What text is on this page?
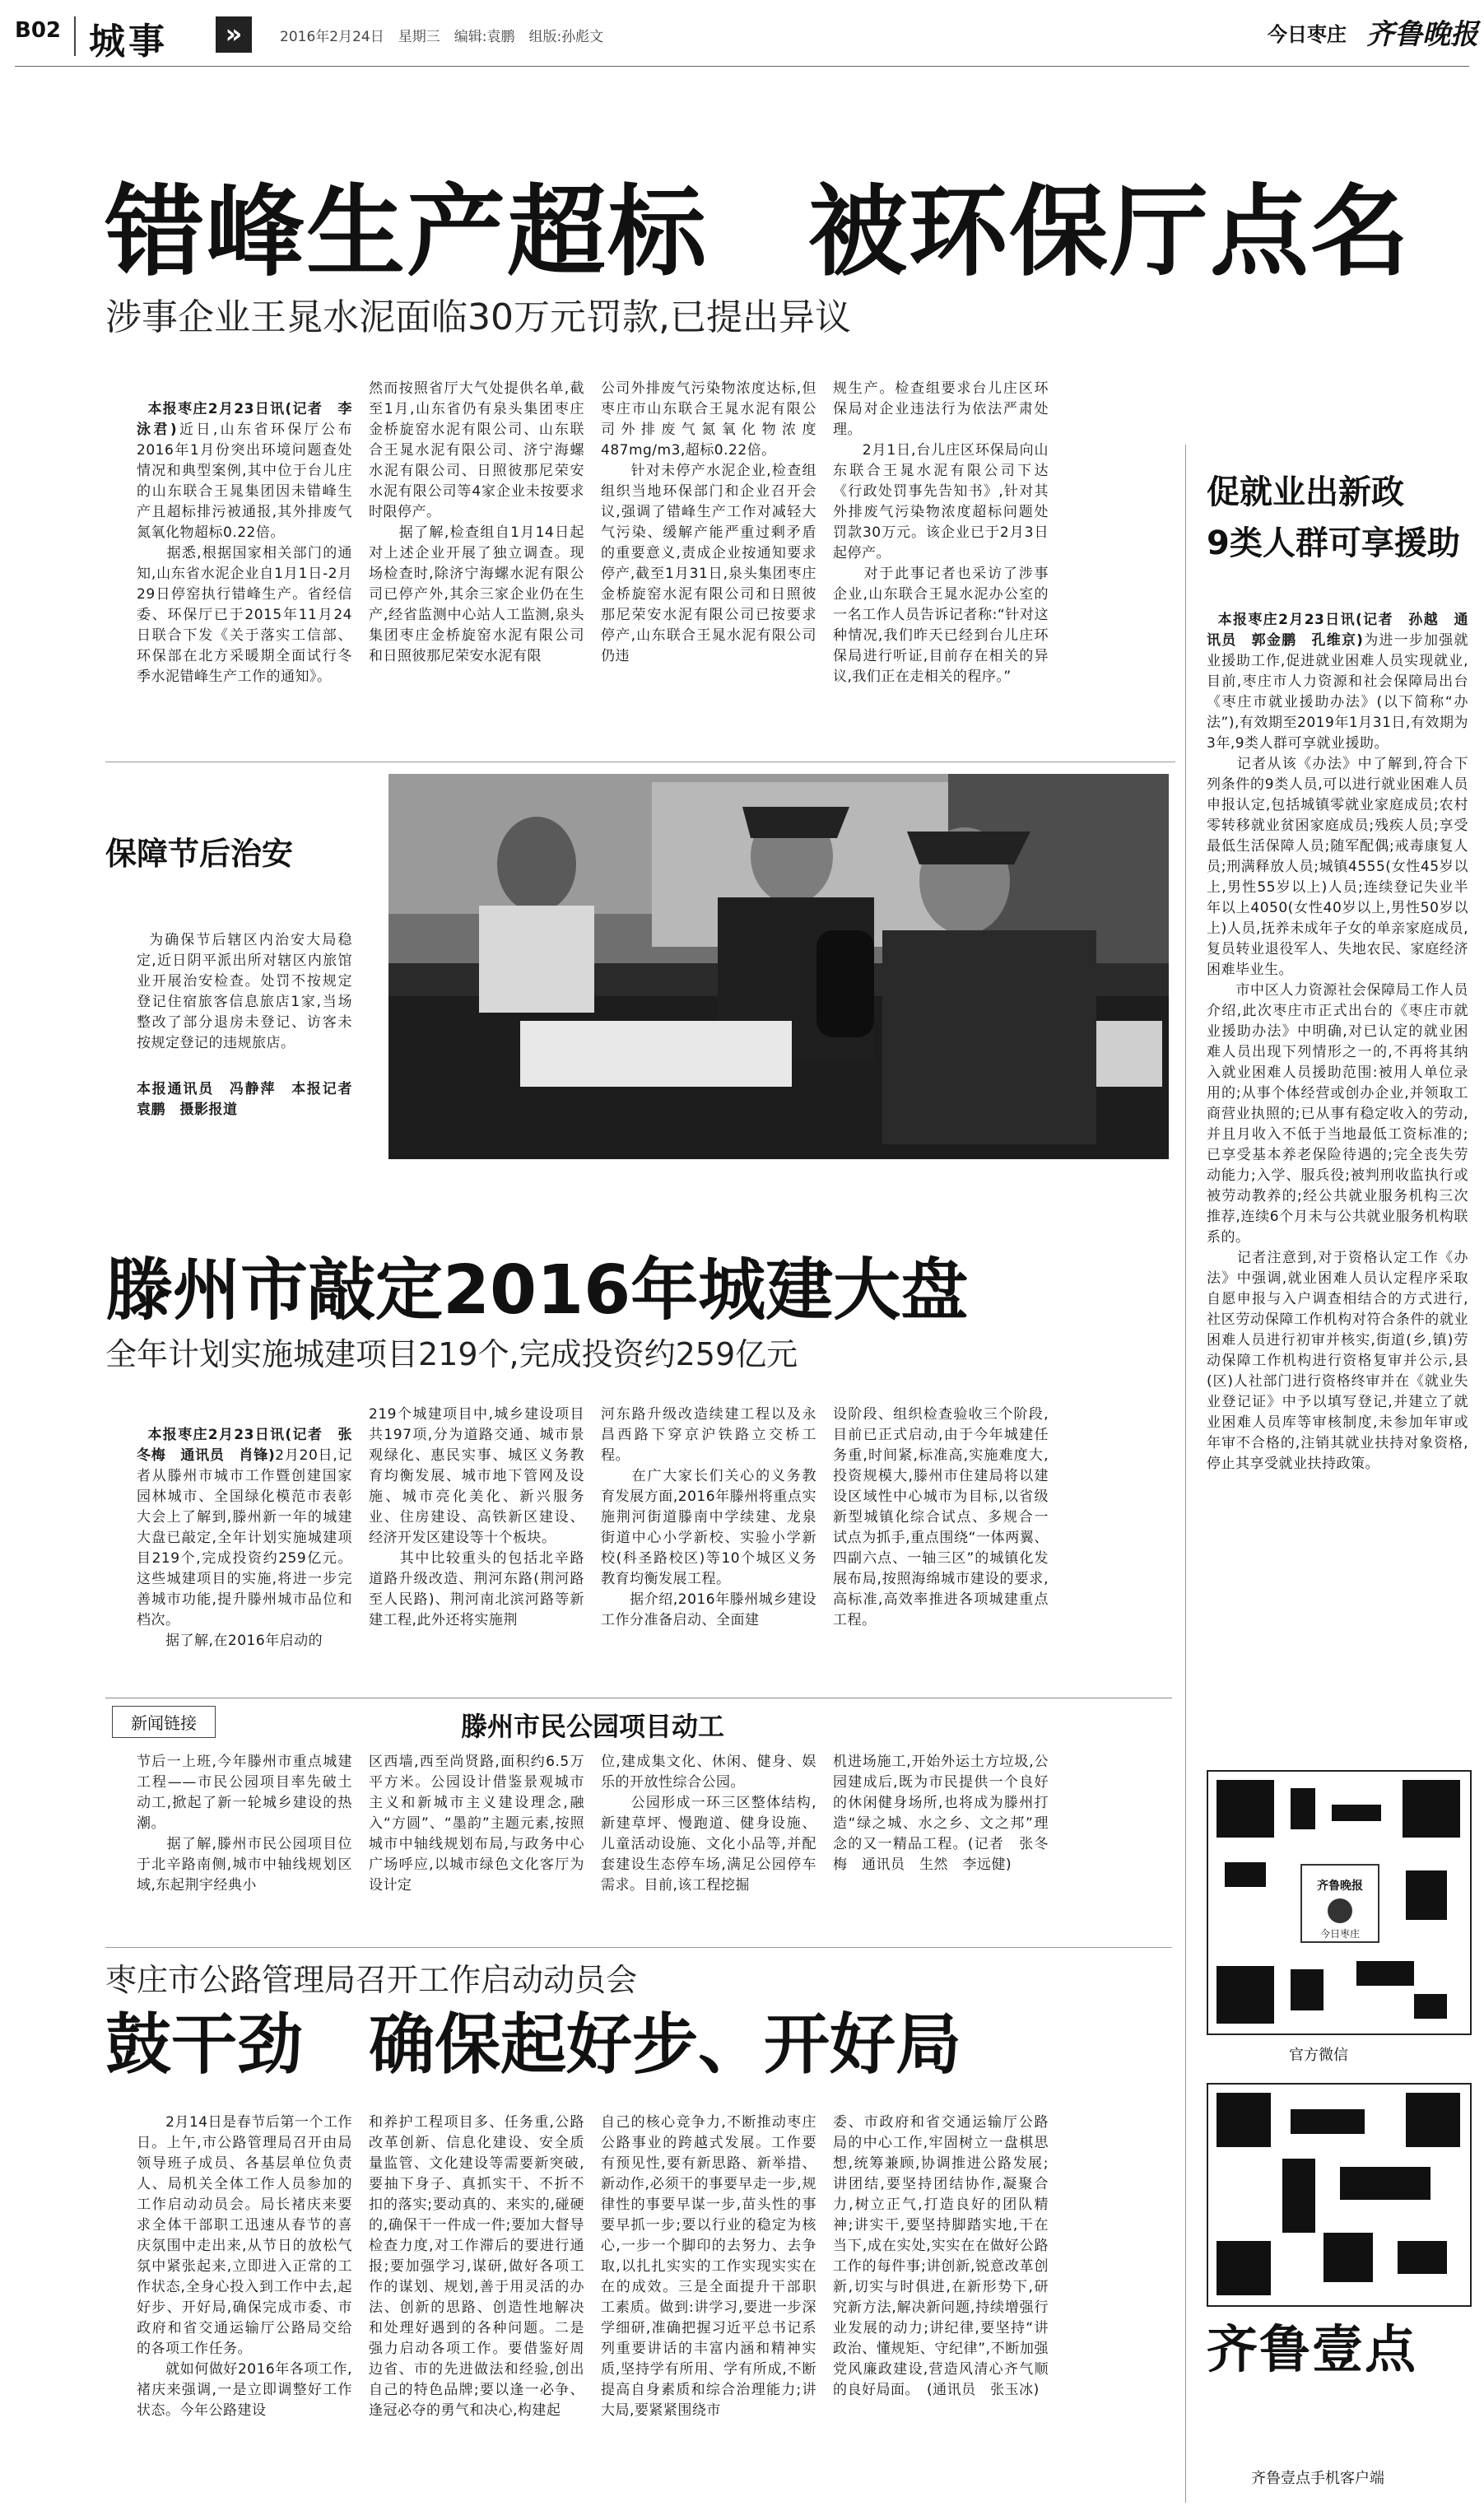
B02 城事	»	2016年2月24日　星期三　编辑:袁鹏　组版:孙彪文	今日枣庄 齐鲁晚报
错峰生产超标　被环保厅点名
涉事企业王晁水泥面临30万元罚款,已提出异议

本报枣庄2月23日讯(记者　李泳君)近日,山东省环保厅公布2016年1月份突出环境问题查处情况和典型案例,其中位于台儿庄的山东联合王晁集团因未错峰生产且超标排污被通报,其外排废气氮氧化物超标0.22倍。
　　据悉,根据国家相关部门的通知,山东省水泥企业自1月1日-2月29日停窑执行错峰生产。省经信委、环保厅已于2015年11月24日联合下发《关于落实工信部、环保部在北方采暖期全面试行冬季水泥错峰生产工作的通知》。

然而按照省厅大气处提供名单,截至1月,山东省仍有泉头集团枣庄金桥旋窑水泥有限公司、山东联合王晁水泥有限公司、济宁海螺水泥有限公司、日照彼那尼荣安水泥有限公司等4家企业未按要求时限停产。
　　据了解,检查组自1月14日起对上述企业开展了独立调查。现场检查时,除济宁海螺水泥有限公司已停产外,其余三家企业仍在生产,经省监测中心站人工监测,泉头集团枣庄金桥旋窑水泥有限公司和日照彼那尼荣安水泥有限
公司外排废气污染物浓度达标,但枣庄市山东联合王晁水泥有限公司外排废气氮氧化物浓度487mg/m3,超标0.22倍。
　　针对未停产水泥企业,检查组组织当地环保部门和企业召开会议,强调了错峰生产工作对减轻大气污染、缓解产能严重过剩矛盾的重要意义,责成企业按通知要求停产,截至1月31日,泉头集团枣庄金桥旋窑水泥有限公司和日照彼那尼荣安水泥有限公司已按要求停产,山东联合王晁水泥有限公司仍违
规生产。检查组要求台儿庄区环保局对企业违法行为依法严肃处理。
　　2月1日,台儿庄区环保局向山东联合王晁水泥有限公司下达《行政处罚事先告知书》,针对其外排废气污染物浓度超标问题处罚款30万元。该企业已于2月3日起停产。
　　对于此事记者也采访了涉事企业,山东联合王晁水泥办公室的一名工作人员告诉记者称:“针对这种情况,我们昨天已经到台儿庄环保局进行听证,目前存在相关的异议,我们正在走相关的程序。”
促就业出新政
9类人群可享援助

本报枣庄2月23日讯(记者　孙越　通讯员　郭金鹏　孔维京)为进一步加强就业援助工作,促进就业困难人员实现就业,目前,枣庄市人力资源和社会保障局出台《枣庄市就业援助办法》(以下简称“办法”),有效期至2019年1月31日,有效期为3年,9类人群可享就业援助。
　　记者从该《办法》中了解到,符合下列条件的9类人员,可以进行就业困难人员申报认定,包括城镇零就业家庭成员;农村零转移就业贫困家庭成员;残疾人员;享受最低生活保障人员;随军配偶;戒毒康复人员;刑满释放人员;城镇4555(女性45岁以上,男性55岁以上)人员;连续登记失业半年以上4050(女性40岁以上,男性50岁以上)人员,抚养未成年子女的单亲家庭成员,复员转业退役军人、失地农民、家庭经济困难毕业生。
　　市中区人力资源社会保障局工作人员介绍,此次枣庄市正式出台的《枣庄市就业援助办法》中明确,对已认定的就业困难人员出现下列情形之一的,不再将其纳入就业困难人员援助范围:被用人单位录用的;从事个体经营或创办企业,并领取工商营业执照的;已从事有稳定收入的劳动,并且月收入不低于当地最低工资标准的;已享受基本养老保险待遇的;完全丧失劳动能力;入学、服兵役;被判刑收监执行或被劳动教养的;经公共就业服务机构三次推荐,连续6个月未与公共就业服务机构联系的。
　　记者注意到,对于资格认定工作《办法》中强调,就业困难人员认定程序采取自愿申报与入户调查相结合的方式进行,社区劳动保障工作机构对符合条件的就业困难人员进行初审并核实,街道(乡,镇)劳动保障工作机构进行资格复审并公示,县(区)人社部门进行资格终审并在《就业失业登记证》中予以填写登记,并建立了就业困难人员库等审核制度,未参加年审或年审不合格的,注销其就业扶持对象资格,停止其享受就业扶持政策。

保障节后治安

为确保节后辖区内治安大局稳定,近日阴平派出所对辖区内旅馆业开展治安检查。处罚不按规定登记住宿旅客信息旅店1家,当场整改了部分退房未登记、访客未按规定登记的违规旅店。

本报通讯员　冯静萍　本报记者　袁鹏　摄影报道

滕州市敲定2016年城建大盘
全年计划实施城建项目219个,完成投资约259亿元

本报枣庄2月23日讯(记者　张冬梅　通讯员　肖锋)2月20日,记者从滕州市城市工作暨创建国家园林城市、全国绿化模范市表彰大会上了解到,滕州新一年的城建大盘已敲定,全年计划实施城建项目219个,完成投资约259亿元。这些城建项目的实施,将进一步完善城市功能,提升滕州城市品位和档次。
　　据了解,在2016年启动的

219个城建项目中,城乡建设项目共197项,分为道路交通、城市景观绿化、惠民实事、城区义务教育均衡发展、城市地下管网及设施、城市亮化美化、新兴服务业、住房建设、高铁新区建设、经济开发区建设等十个板块。
　　其中比较重头的包括北辛路道路升级改造、荆河东路(荆河路至人民路)、荆河南北滨河路等新建工程,此外还将实施荆
河东路升级改造续建工程以及永昌西路下穿京沪铁路立交桥工程。
　　在广大家长们关心的义务教育发展方面,2016年滕州将重点实施荆河街道滕南中学续建、龙泉街道中心小学新校、实验小学新校(科圣路校区)等10个城区义务教育均衡发展工程。
　　据介绍,2016年滕州城乡建设工作分准备启动、全面建
设阶段、组织检查验收三个阶段,目前已正式启动,由于今年城建任务重,时间紧,标准高,实施难度大,投资规模大,滕州市住建局将以建设区域性中心城市为目标,以省级新型城镇化综合试点、多规合一试点为抓手,重点围绕“一体两翼、四副六点、一轴三区”的城镇化发展布局,按照海绵城市建设的要求,高标准,高效率推进各项城建重点工程。
新闻链接	滕州市民公园项目动工
节后一上班,今年滕州市重点城建工程——市民公园项目率先破土动工,掀起了新一轮城乡建设的热潮。
　　据了解,滕州市民公园项目位于北辛路南侧,城市中轴线规划区域,东起荆宇经典小
区西墙,西至尚贤路,面积约6.5万平方米。公园设计借鉴景观城市主义和新城市主义建设理念,融入“方圆”、“墨韵”主题元素,按照城市中轴线规划布局,与政务中心广场呼应,以城市绿色文化客厅为设计定
位,建成集文化、休闲、健身、娱乐的开放性综合公园。
　　公园形成一环三区整体结构,新建草坪、慢跑道、健身设施、儿童活动设施、文化小品等,并配套建设生态停车场,满足公园停车需求。目前,该工程挖掘
机进场施工,开始外运土方垃圾,公园建成后,既为市民提供一个良好的休闲健身场所,也将成为滕州打造“绿之城、水之乡、文之邦”理念的又一精品工程。(记者　张冬梅　通讯员　生然　李远健)
枣庄市公路管理局召开工作启动动员会
鼓干劲　确保起好步、开好局
　　2月14日是春节后第一个工作日。上午,市公路管理局召开由局领导班子成员、各基层单位负责人、局机关全体工作人员参加的工作启动动员会。局长褚庆来要求全体干部职工迅速从春节的喜庆氛围中走出来,从节日的放松气氛中紧张起来,立即进入正常的工作状态,全身心投入到工作中去,起好步、开好局,确保完成市委、市政府和省交通运输厅公路局交给的各项工作任务。
　　就如何做好2016年各项工作,褚庆来强调,一是立即调整好工作状态。今年公路建设
和养护工程项目多、任务重,公路改革创新、信息化建设、安全质量监管、文化建设等需要新突破,要抽下身子、真抓实干、不折不扣的落实;要动真的、来实的,碰硬的,确保干一件成一件;要加大督导检查力度,对工作滞后的要进行通报;要加强学习,谋研,做好各项工作的谋划、规划,善于用灵活的办法、创新的思路、创造性地解决和处理好遇到的各种问题。二是强力启动各项工作。要借鉴好周边省、市的先进做法和经验,创出自己的特色品牌;要以逢一必争、逢冠必夺的勇气和决心,构建起
自己的核心竞争力,不断推动枣庄公路事业的跨越式发展。工作要有预见性,要有新思路、新举措、新动作,必须干的事要早走一步,规律性的事要早谋一步,苗头性的事要早抓一步;要以行业的稳定为核心,一步一个脚印的去努力、去争取,以扎扎实实的工作实现实实在在的成效。三是全面提升干部职工素质。做到:讲学习,要进一步深学细研,准确把握习近平总书记系列重要讲话的丰富内涵和精神实质,坚持学有所用、学有所成,不断提高自身素质和综合治理能力;讲大局,要紧紧围绕市
委、市政府和省交通运输厅公路局的中心工作,牢固树立一盘棋思想,统筹兼顾,协调推进公路发展;讲团结,要坚持团结协作,凝聚合力,树立正气,打造良好的团队精神;讲实干,要坚持脚踏实地,干在当下,成在实处,实实在在做好公路工作的每件事;讲创新,锐意改革创新,切实与时俱进,在新形势下,研究新方法,解决新问题,持续增强行业发展的动力;讲纪律,要坚持“讲政治、懂规矩、守纪律”,不断加强党风廉政建设,营造风清心齐气顺的良好局面。　(通讯员　张玉冰)
齐鲁晚报
今日枣庄
官方微信
齐鲁壹点
齐鲁壹点手机客户端
